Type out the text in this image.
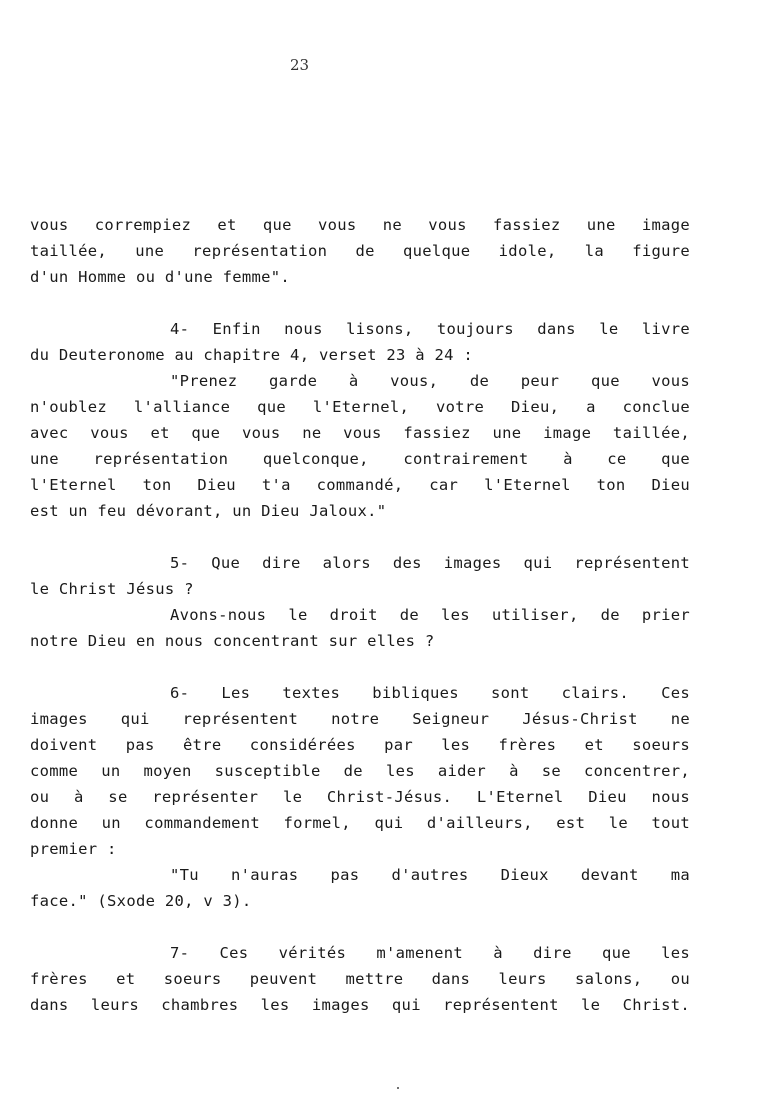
23
vous corrempiez et que vous ne vous fassiez une image
taillée, une représentation de quelque idole, la figure
d'un Homme ou d'une femme".
4- Enfin nous lisons, toujours dans le livre
du Deuteronome au chapitre 4, verset 23 à 24 :
"Prenez garde à vous, de peur que vous
n'oublez l'alliance que l'Eternel, votre Dieu, a conclue
avec vous et que vous ne vous fassiez une image taillée,
une représentation quelconque, contrairement à ce que
l'Eternel ton Dieu t'a commandé, car l'Eternel ton Dieu
est un feu dévorant, un Dieu Jaloux."
5- Que dire alors des images qui représentent
le Christ Jésus ?
Avons-nous le droit de les utiliser, de prier
notre Dieu en nous concentrant sur elles ?
6- Les textes bibliques sont clairs. Ces
images qui représentent notre Seigneur Jésus-Christ ne
doivent pas être considérées par les frères et soeurs
comme un moyen susceptible de les aider à se concentrer,
ou à se représenter le Christ-Jésus. L'Eternel Dieu nous
donne un commandement formel, qui d'ailleurs, est le tout
premier :
"Tu n'auras pas d'autres Dieux devant ma
face." (Sxode 20, v 3).
7- Ces vérités m'amenent à dire que les
frères et soeurs peuvent mettre dans leurs salons, ou
dans leurs chambres les images qui représentent le Christ.
